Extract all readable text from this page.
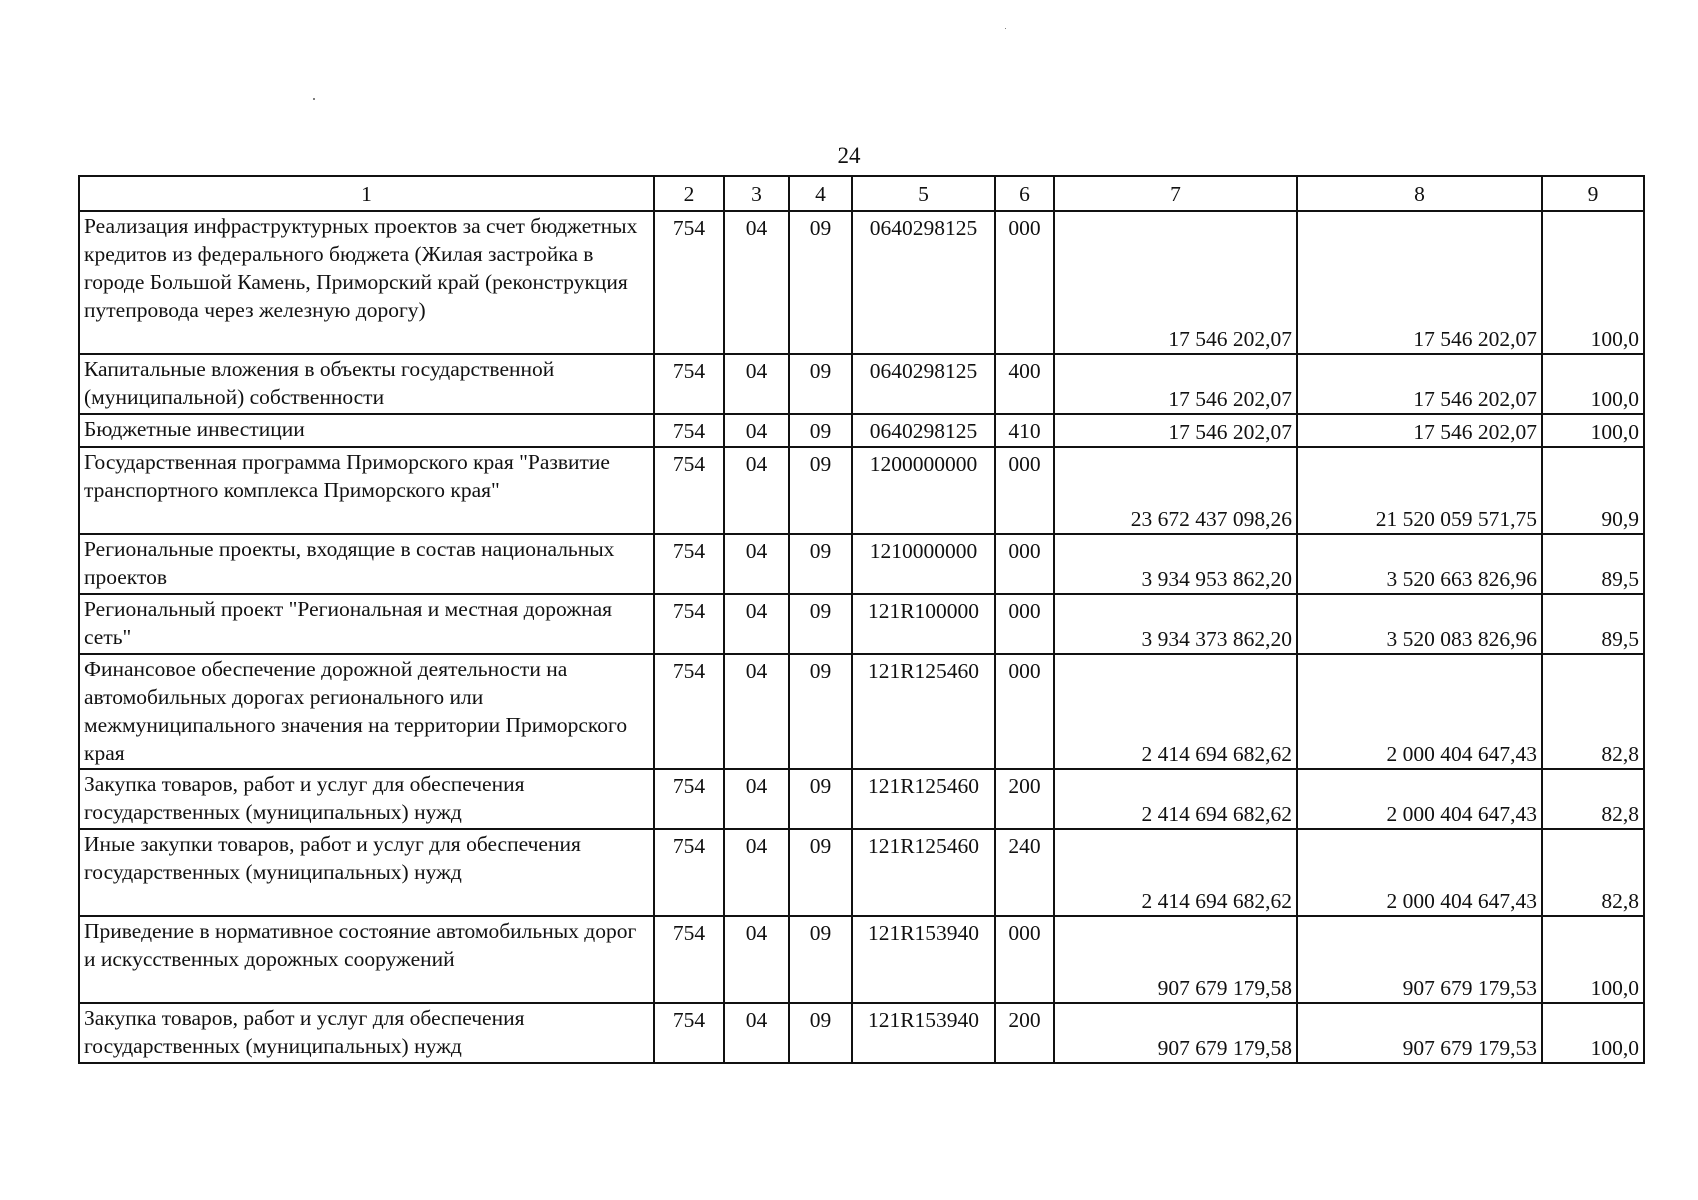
24
1	2	3	4	5	6	7	8	9
Реализация инфраструктурных проектов за счет бюджетных кредитов из федерального бюджета (Жилая застройка в городе Большой Камень, Приморский край (реконструкция путепровода через железную дорогу)	754	04	09	0640298125	000	17 546 202,07	17 546 202,07	100,0
Капитальные вложения в объекты государственной (муниципальной) собственности	754	04	09	0640298125	400	17 546 202,07	17 546 202,07	100,0
Бюджетные инвестиции	754	04	09	0640298125	410	17 546 202,07	17 546 202,07	100,0
Государственная программа Приморского края "Развитие транспортного комплекса Приморского края"	754	04	09	1200000000	000	23 672 437 098,26	21 520 059 571,75	90,9
Региональные проекты, входящие в состав национальных проектов	754	04	09	1210000000	000	3 934 953 862,20	3 520 663 826,96	89,5
Региональный проект "Региональная и местная дорожная сеть"	754	04	09	121R100000	000	3 934 373 862,20	3 520 083 826,96	89,5
Финансовое обеспечение дорожной деятельности на автомобильных дорогах регионального или межмуниципального значения на территории Приморского края	754	04	09	121R125460	000	2 414 694 682,62	2 000 404 647,43	82,8
Закупка товаров, работ и услуг для обеспечения государственных (муниципальных) нужд	754	04	09	121R125460	200	2 414 694 682,62	2 000 404 647,43	82,8
Иные закупки товаров, работ и услуг для обеспечения государственных (муниципальных) нужд	754	04	09	121R125460	240	2 414 694 682,62	2 000 404 647,43	82,8
Приведение в нормативное состояние автомобильных дорог и искусственных дорожных сооружений	754	04	09	121R153940	000	907 679 179,58	907 679 179,53	100,0
Закупка товаров, работ и услуг для обеспечения государственных (муниципальных) нужд	754	04	09	121R153940	200	907 679 179,58	907 679 179,53	100,0
